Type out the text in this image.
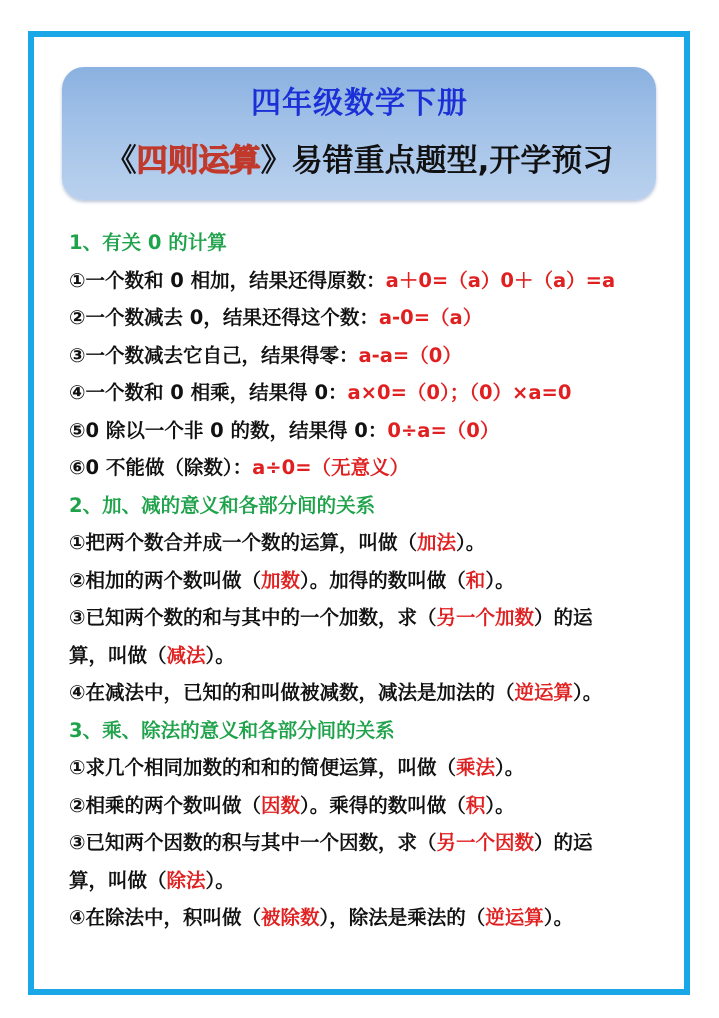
四年级数学下册
《四则运算》易错重点题型,开学预习
1、有关 0 的计算
①一个数和 0 相加，结果还得原数：a＋0=（a）0＋（a）=a
②一个数减去 0，结果还得这个数：a-0=（a）
③一个数减去它自己，结果得零：a-a=（0）
④一个数和 0 相乘，结果得 0：a×0=（0）；（0）×a=0
⑤0 除以一个非 0 的数，结果得 0：0÷a=（0）
⑥0 不能做（除数）：a÷0=（无意义）
2、加、减的意义和各部分间的关系
①把两个数合并成一个数的运算，叫做（加法）。
②相加的两个数叫做（加数）。加得的数叫做（和）。
③已知两个数的和与其中的一个加数，求（另一个加数）的运
算，叫做（减法）。
④在减法中，已知的和叫做被减数，减法是加法的（逆运算）。
3、乘、除法的意义和各部分间的关系
①求几个相同加数的和和的简便运算，叫做（乘法）。
②相乘的两个数叫做（因数）。乘得的数叫做（积）。
③已知两个因数的积与其中一个因数，求（另一个因数）的运
算，叫做（除法）。
④在除法中，积叫做（被除数），除法是乘法的（逆运算）。
